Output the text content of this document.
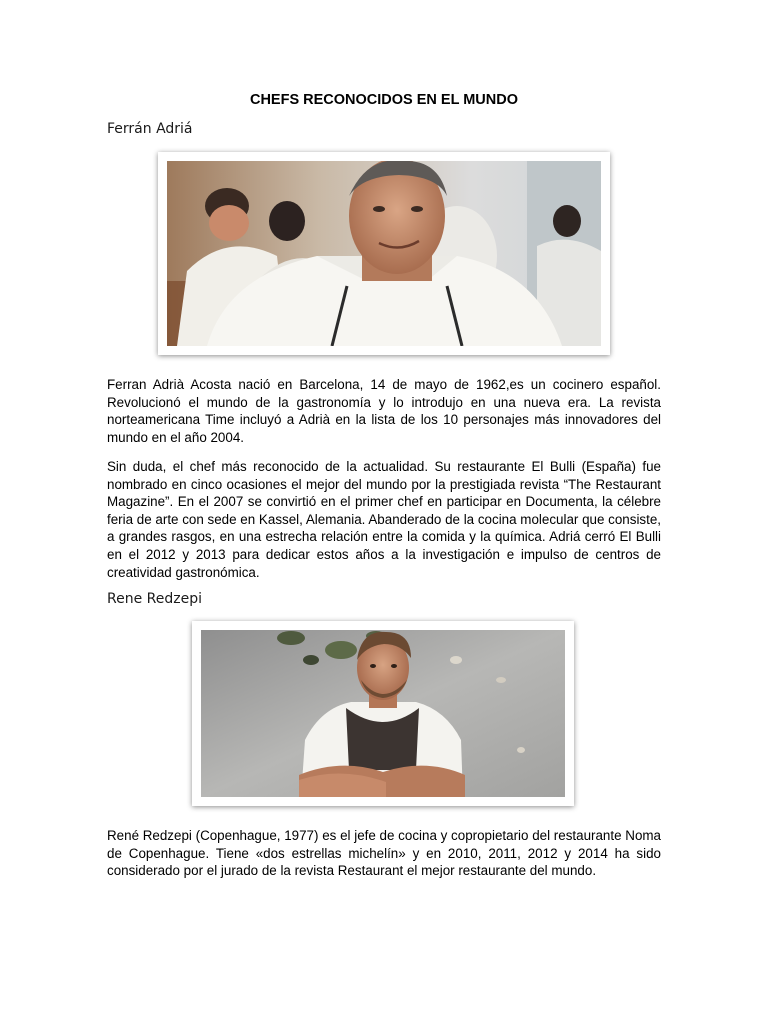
CHEFS RECONOCIDOS EN EL MUNDO
Ferrán Adriá

Ferran Adrià Acosta nació en Barcelona, 14 de mayo de 1962,es un cocinero español. Revolucionó el mundo de la gastronomía y lo introdujo en una nueva era. La revista norteamericana Time incluyó a Adrià en la lista de los 10 personajes más innovadores del mundo en el año 2004.

Sin duda, el chef más reconocido de la actualidad. Su restaurante El Bulli (España) fue nombrado en cinco ocasiones el mejor del mundo por la prestigiada revista “The Restaurant Magazine”. En el 2007 se convirtió en el primer chef en participar en Documenta, la célebre feria de arte con sede en Kassel, Alemania. Abanderado de la cocina molecular que consiste, a grandes rasgos, en una estrecha relación entre la comida y la química. Adriá cerró El Bulli en el 2012 y 2013 para dedicar estos años a la investigación e impulso de centros de creatividad gastronómica.

Rene Redzepi

René Redzepi (Copenhague, 1977) es el jefe de cocina y copropietario del restaurante Noma de Copenhague. Tiene «dos estrellas michelín» y en 2010, 2011, 2012 y 2014 ha sido considerado por el jurado de la revista Restaurant el mejor restaurante del mundo.
